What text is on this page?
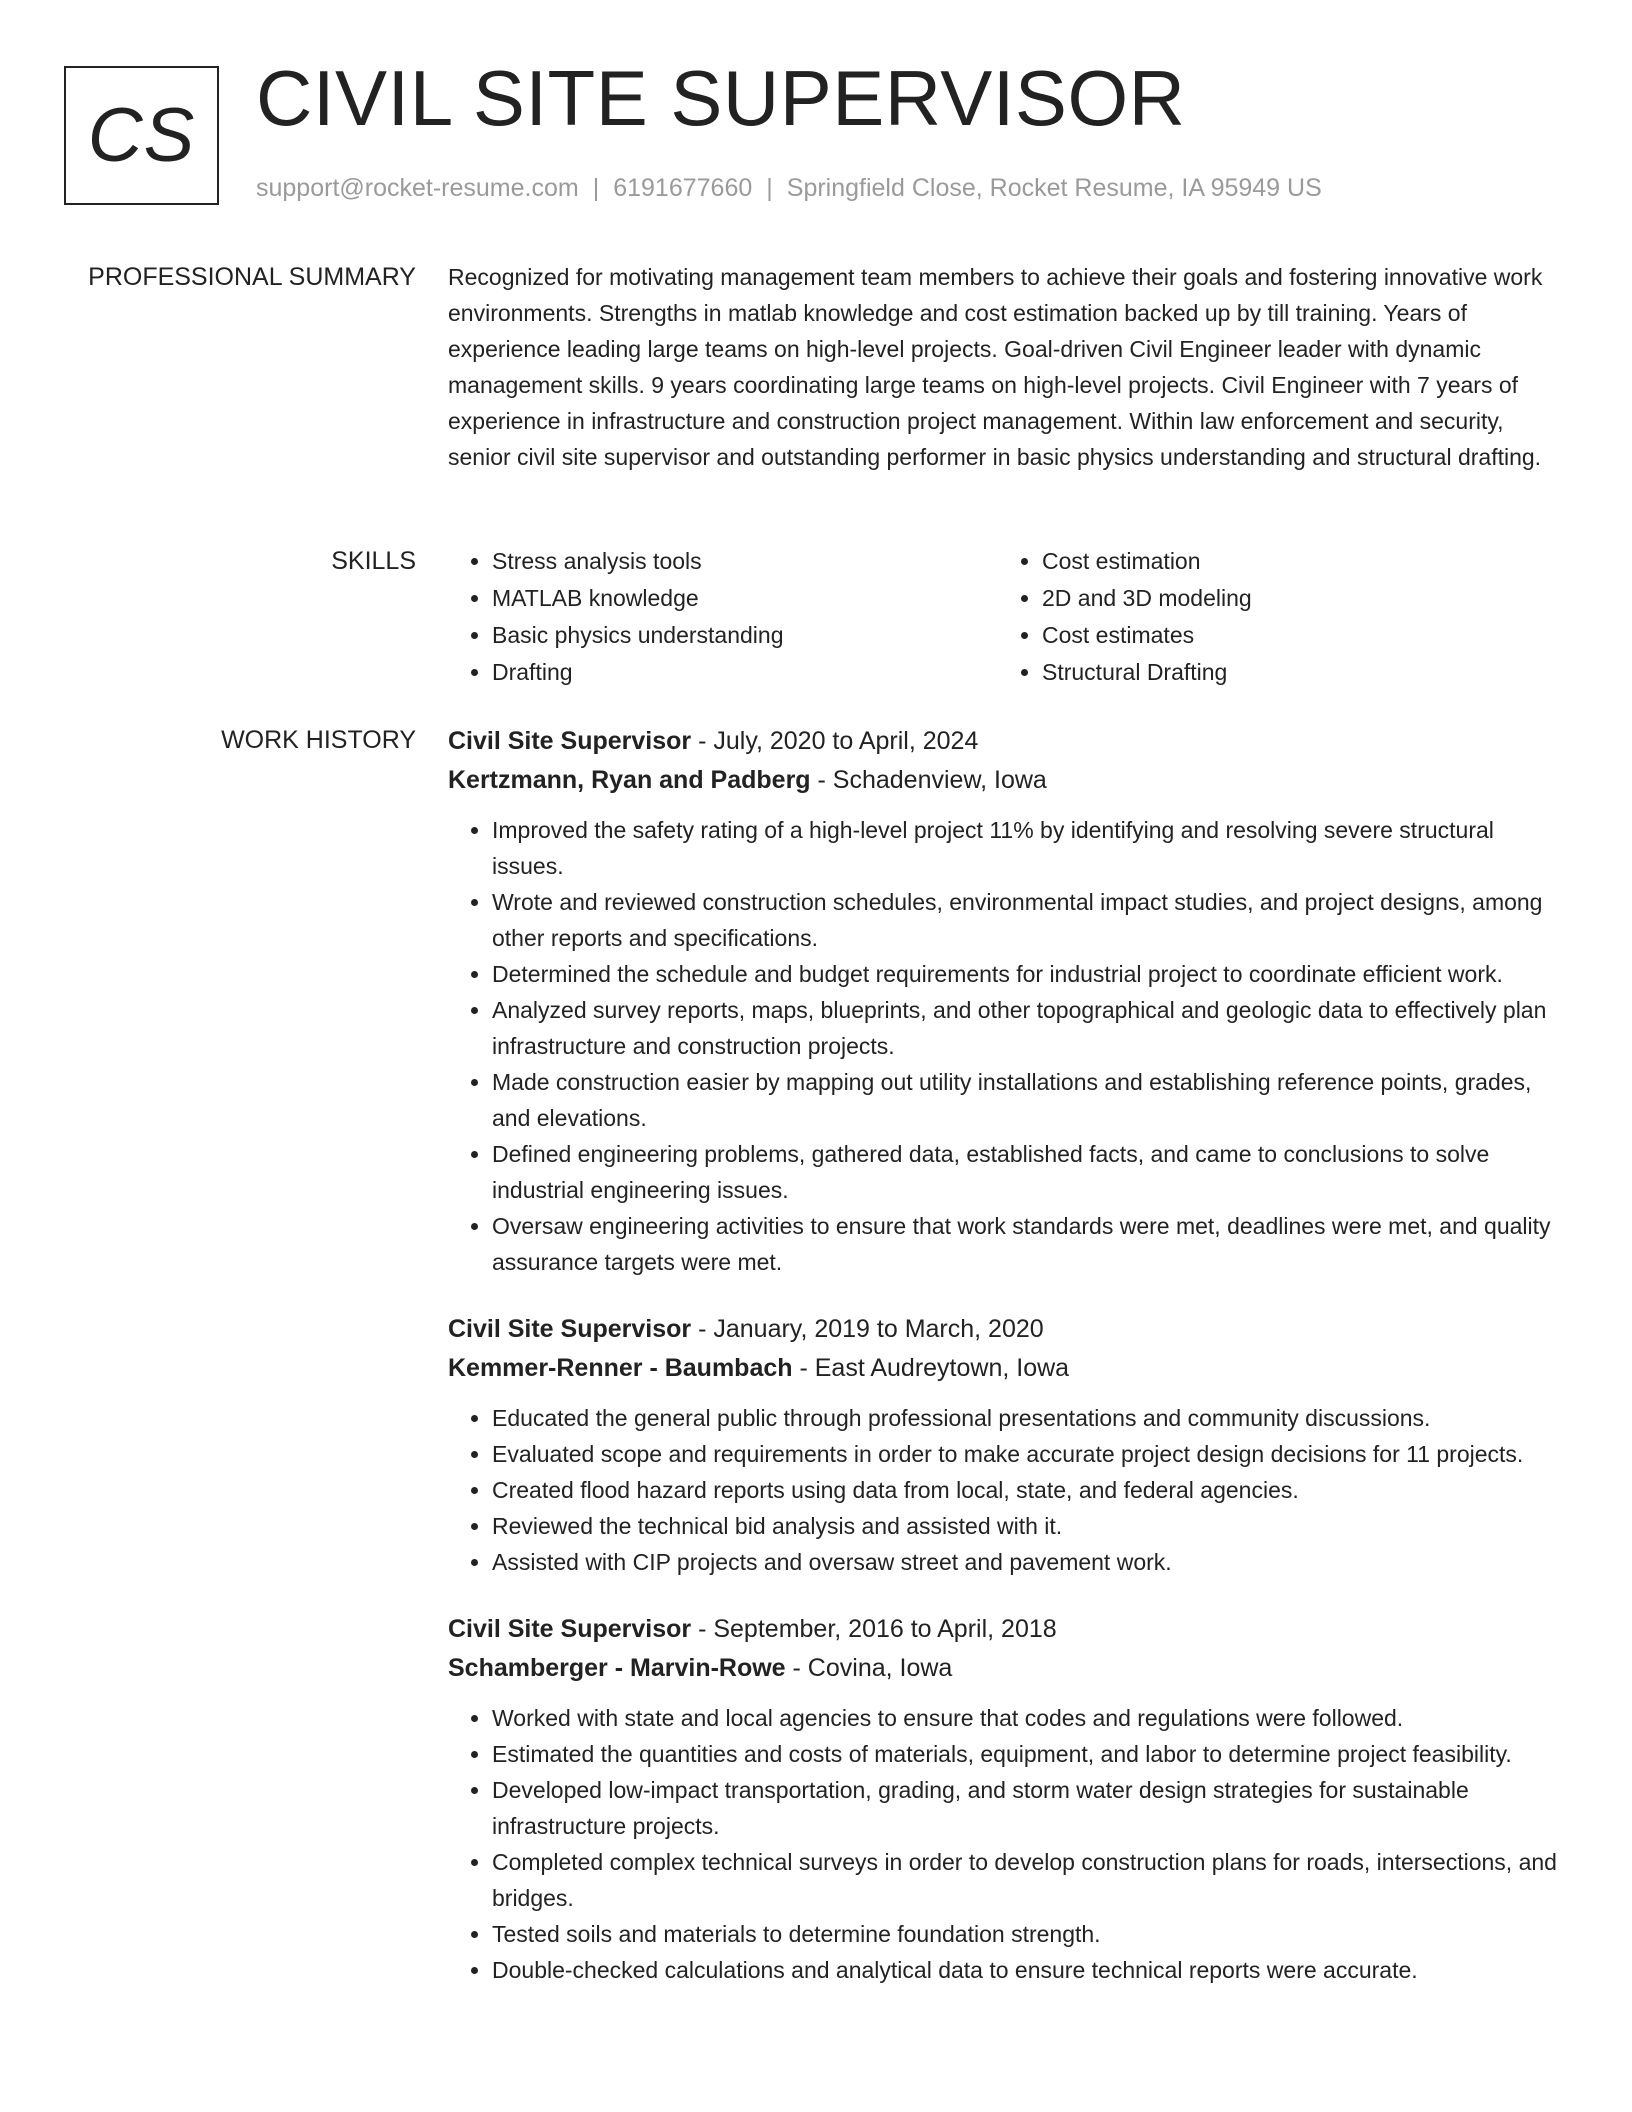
CS CIVIL SITE SUPERVISOR
support@rocket-resume.com | 6191677660 | Springfield Close, Rocket Resume, IA 95949 US
PROFESSIONAL SUMMARY Recognized for motivating management team members to achieve their goals and fostering innovative work environments. Strengths in matlab knowledge and cost estimation backed up by till training. Years of experience leading large teams on high-level projects. Goal-driven Civil Engineer leader with dynamic management skills. 9 years coordinating large teams on high-level projects. Civil Engineer with 7 years of experience in infrastructure and construction project management. Within law enforcement and security, senior civil site supervisor and outstanding performer in basic physics understanding and structural drafting.

SKILLS
•	Stress analysis tools
• MATLAB knowledge
• Basic physics understanding
• Drafting
• Cost estimation
• 2D and 3D modeling
• Cost estimates
• Structural Drafting
WORK HISTORY Civil Site Supervisor - July, 2020 to April, 2024
Kertzmann, Ryan and Padberg - Schadenview, Iowa
• Improved the safety rating of a high-level project 11% by identifying and resolving severe structural issues.
• Wrote and reviewed construction schedules, environmental impact studies, and project designs, among other reports and specifications.
• Determined the schedule and budget requirements for industrial project to coordinate efficient work.
• Analyzed survey reports, maps, blueprints, and other topographical and geologic data to effectively plan infrastructure and construction projects.
• Made construction easier by mapping out utility installations and establishing reference points, grades, and elevations.
• Defined engineering problems, gathered data, established facts, and came to conclusions to solve industrial engineering issues.
• Oversaw engineering activities to ensure that work standards were met, deadlines were met, and quality assurance targets were met.
Civil Site Supervisor - January, 2019 to March, 2020
Kemmer-Renner - Baumbach - East Audreytown, Iowa
• Educated the general public through professional presentations and community discussions.
• Evaluated scope and requirements in order to make accurate project design decisions for 11 projects.
• Created flood hazard reports using data from local, state, and federal agencies.
• Reviewed the technical bid analysis and assisted with it.
• Assisted with CIP projects and oversaw street and pavement work.
Civil Site Supervisor - September, 2016 to April, 2018
Schamberger - Marvin-Rowe - Covina, Iowa
• Worked with state and local agencies to ensure that codes and regulations were followed.
• Estimated the quantities and costs of materials, equipment, and labor to determine project feasibility.
• Developed low-impact transportation, grading, and storm water design strategies for sustainable infrastructure projects.
• Completed complex technical surveys in order to develop construction plans for roads, intersections, and bridges.
• Tested soils and materials to determine foundation strength.
• Double-checked calculations and analytical data to ensure technical reports were accurate.
